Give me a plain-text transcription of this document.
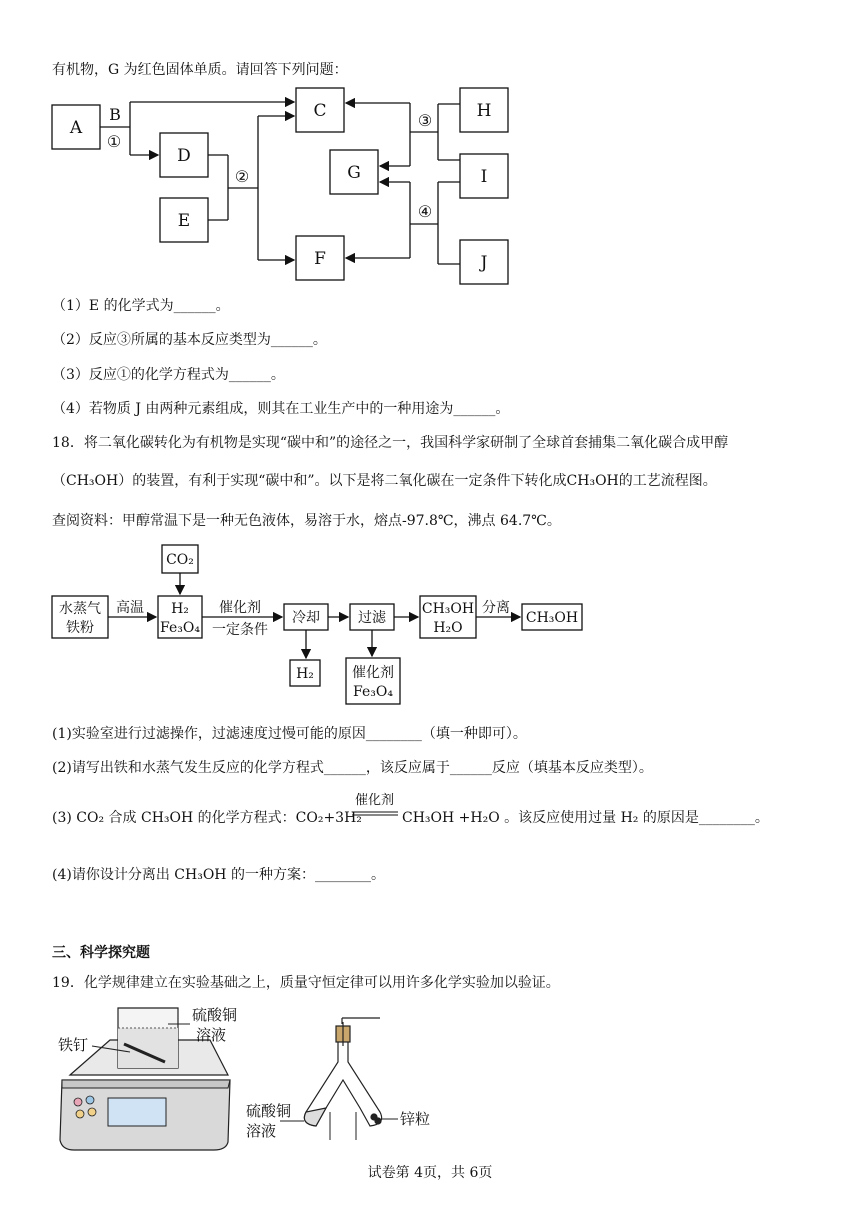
有机物，G 为红色固体单质。请回答下列问题：
A
C
D
E
G
F
H
I
J
B
①
②
③
④
（1）E 的化学式为______。
（2）反应③所属的基本反应类型为______。
（3）反应①的化学方程式为______。
（4）若物质 J 由两种元素组成，则其在工业生产中的一种用途为______。
18．将二氧化碳转化为有机物是实现“碳中和”的途径之一，我国科学家研制了全球首套捕集二氧化碳合成甲醇
（CH₃OH）的装置，有利于实现“碳中和”。以下是将二氧化碳在一定条件下转化成CH₃OH的工艺流程图。
查阅资料：甲醇常温下是一种无色液体，易溶于水，熔点-97.8℃，沸点 64.7℃。
CO₂
水蒸气
铁粉
高温 H₂
Fe₃O₄
催化剂
一定条件
冷却	过滤
CH₃OH
H₂O
分离
CH₃OH
H₂	催化剂
Fe₃O₄
(1)实验室进行过滤操作，过滤速度过慢可能的原因________（填一种即可）。
(2)请写出铁和水蒸气发生反应的化学方程式______，该反应属于______反应（填基本反应类型）。
(3) CO₂ 合成 CH₃OH 的化学方程式：CO₂+3H₂
催化剂
CH₃OH +H₂O 。该反应使用过量 H₂ 的原因是________。
(4)请你设计分离出 CH₃OH 的一种方案：________。
三、科学探究题
19．化学规律建立在实验基础之上，质量守恒定律可以用许多化学实验加以验证。
硫酸铜
溶液
铁钉
硫酸铜
溶液
锌粒
试卷第 4页，共 6页
